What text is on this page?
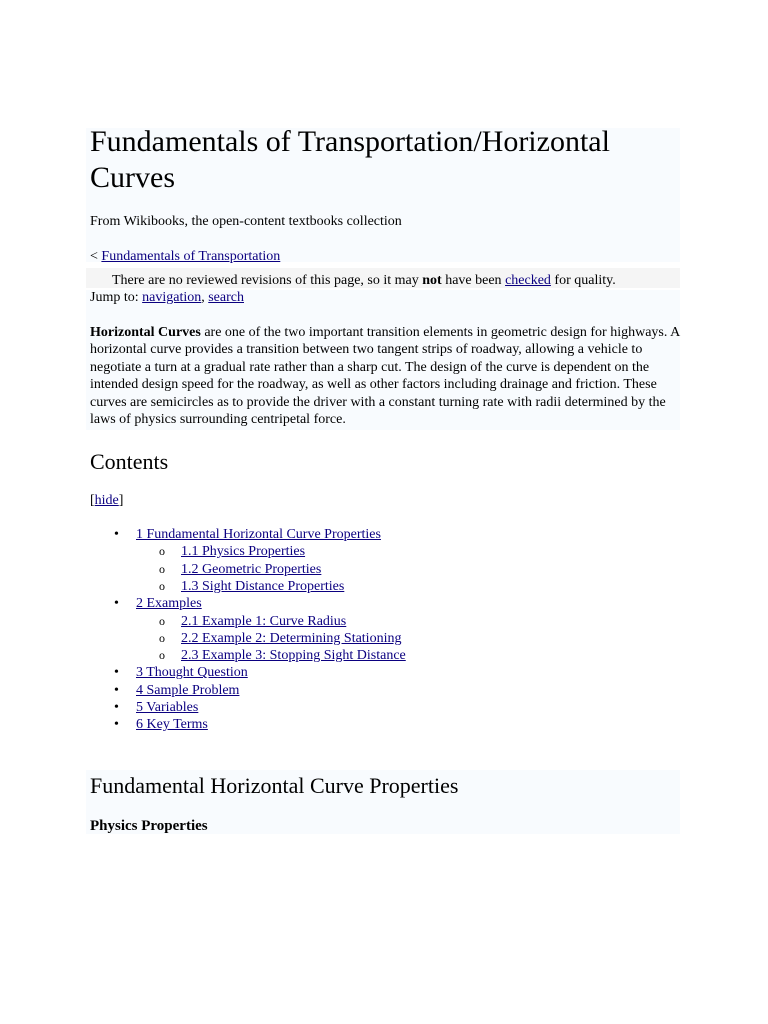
Fundamentals of Transportation/Horizontal Curves
From Wikibooks, the open-content textbooks collection
< Fundamentals of Transportation
There are no reviewed revisions of this page, so it may not have been checked for quality.
Jump to: navigation, search
Horizontal Curves are one of the two important transition elements in geometric design for highways. A horizontal curve provides a transition between two tangent strips of roadway, allowing a vehicle to negotiate a turn at a gradual rate rather than a sharp cut. The design of the curve is dependent on the intended design speed for the roadway, as well as other factors including drainage and friction. These curves are semicircles as to provide the driver with a constant turning rate with radii determined by the laws of physics surrounding centripetal force.
Contents
[hide]
• 1 Fundamental Horizontal Curve Properties
o 1.1 Physics Properties
o 1.2 Geometric Properties
o 1.3 Sight Distance Properties
• 2 Examples
o 2.1 Example 1: Curve Radius
o 2.2 Example 2: Determining Stationing
o 2.3 Example 3: Stopping Sight Distance
• 3 Thought Question
• 4 Sample Problem
• 5 Variables
• 6 Key Terms
Fundamental Horizontal Curve Properties
Physics Properties
